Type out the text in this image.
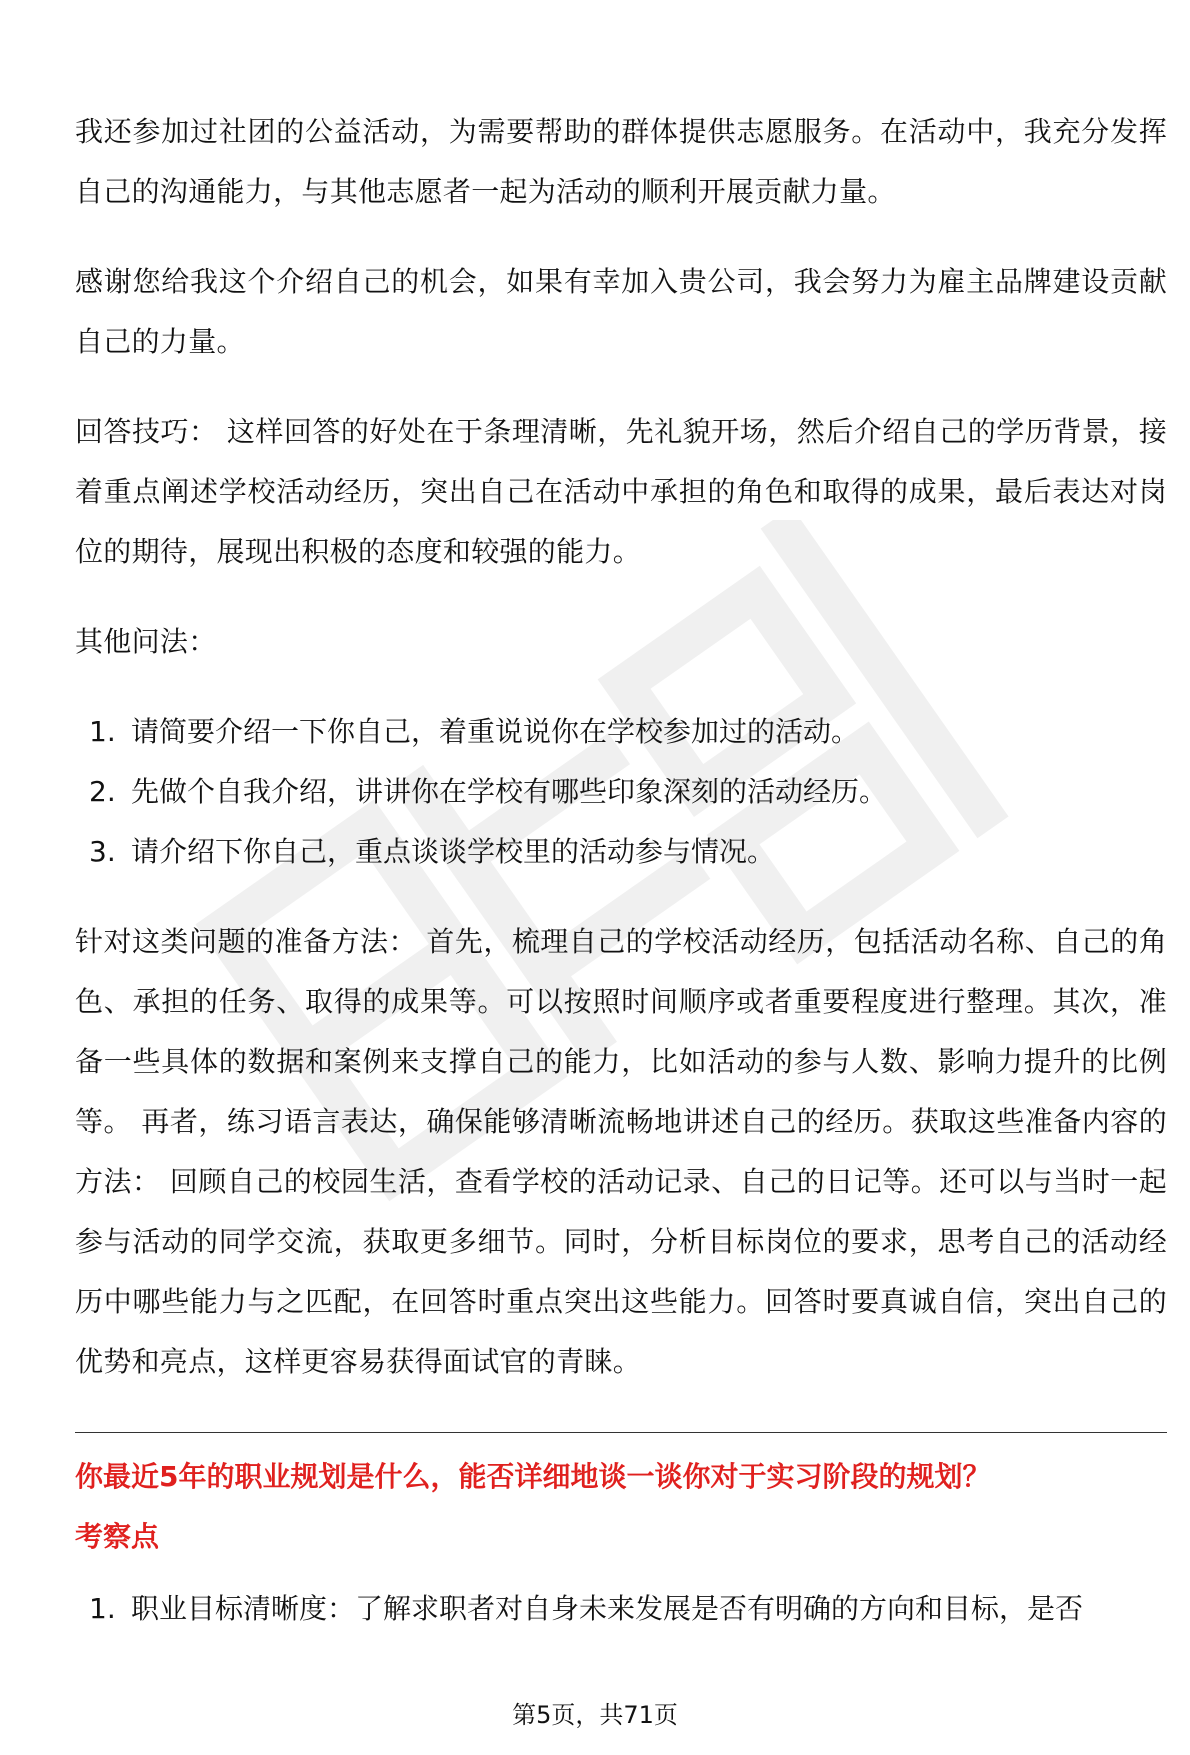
我还参加过社团的公益活动，为需要帮助的群体提供志愿服务。在活动中，我充分发挥自己的沟通能力，与其他志愿者一起为活动的顺利开展贡献力量。

感谢您给我这个介绍自己的机会，如果有幸加入贵公司，我会努力为雇主品牌建设贡献自己的力量。

回答技巧： 这样回答的好处在于条理清晰，先礼貌开场，然后介绍自己的学历背景，接着重点阐述学校活动经历，突出自己在活动中承担的角色和取得的成果，最后表达对岗位的期待，展现出积极的态度和较强的能力。

其他问法：

1. 请简要介绍一下你自己，着重说说你在学校参加过的活动。
2. 先做个自我介绍，讲讲你在学校有哪些印象深刻的活动经历。
3. 请介绍下你自己，重点谈谈学校里的活动参与情况。

针对这类问题的准备方法： 首先，梳理自己的学校活动经历，包括活动名称、自己的角色、承担的任务、取得的成果等。可以按照时间顺序或者重要程度进行整理。其次，准备一些具体的数据和案例来支撑自己的能力，比如活动的参与人数、影响力提升的比例等。 再者，练习语言表达，确保能够清晰流畅地讲述自己的经历。获取这些准备内容的方法： 回顾自己的校园生活，查看学校的活动记录、自己的日记等。还可以与当时一起参与活动的同学交流，获取更多细节。同时，分析目标岗位的要求，思考自己的活动经历中哪些能力与之匹配，在回答时重点突出这些能力。回答时要真诚自信，突出自己的优势和亮点，这样更容易获得面试官的青睐。

你最近5年的职业规划是什么，能否详细地谈一谈你对于实习阶段的规划？

考察点

1. 职业目标清晰度：了解求职者对自身未来发展是否有明确的方向和目标，是否
第5页，共71页
